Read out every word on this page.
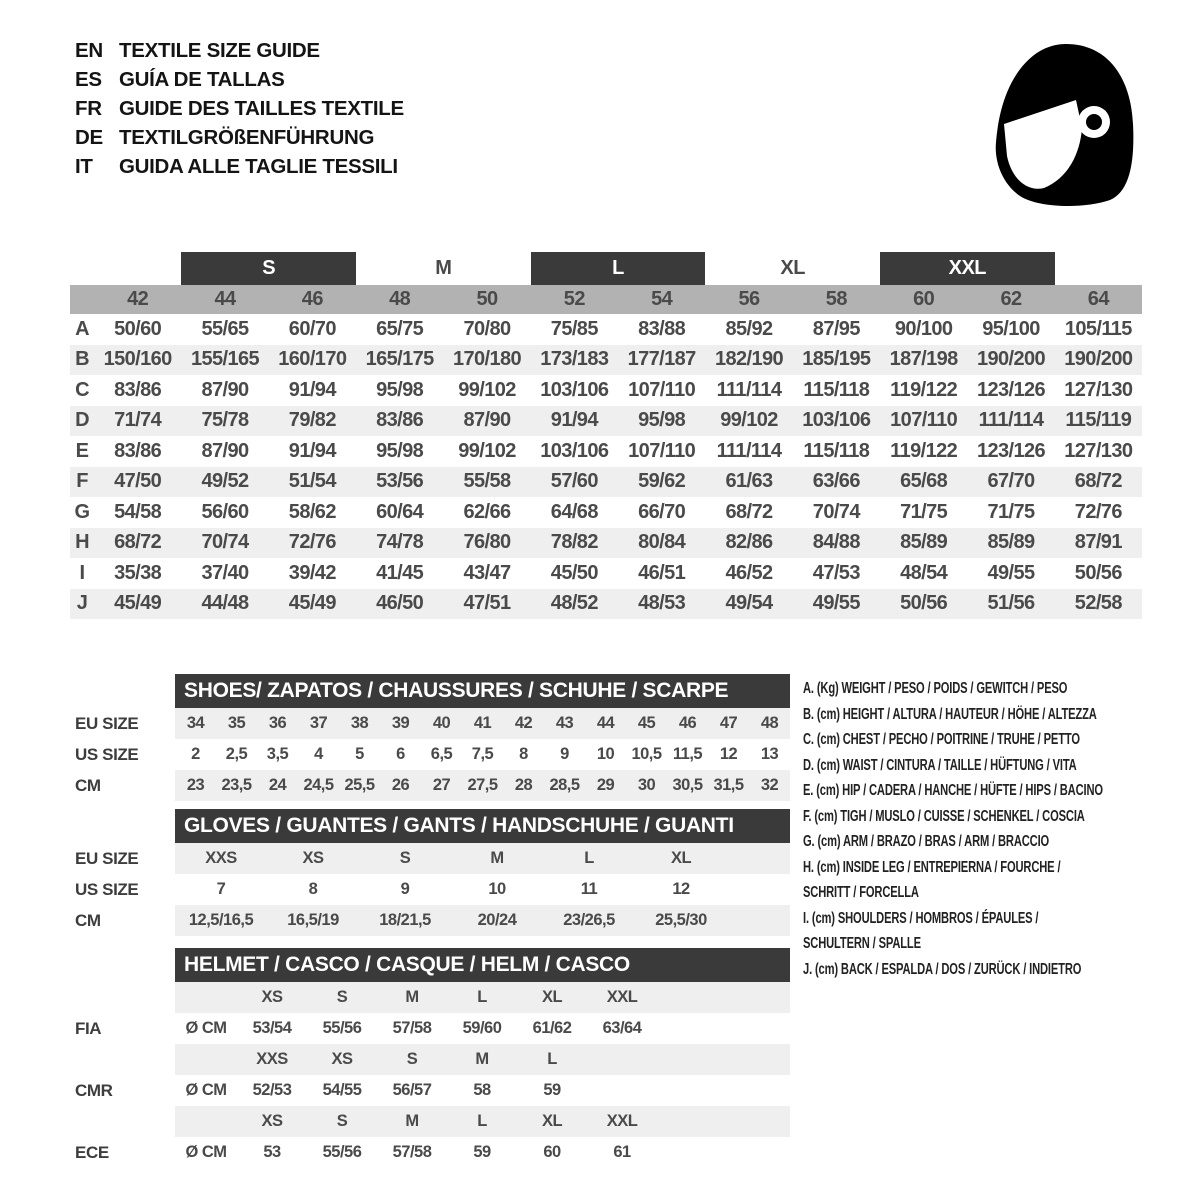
EN TEXTILE SIZE GUIDE
ES GUÍA DE TALLAS
FR GUIDE DES TAILLES TEXTILE
DE TEXTILGRÖßENFÜHRUNG
IT	GUIDA ALLE TAGLIE TESSILI
S	M	L	XL	XXL
42	44	46	48	50	52	54	56	58	60	62	64
A	50/60	55/65	60/70	65/75	70/80	75/85	83/88	85/92	87/95	90/100	95/100	105/115
B 150/160 155/165 160/170 165/175 170/180 173/183 177/187 182/190 185/195 187/198 190/200 190/200
C	83/86	87/90	91/94	95/98	99/102	103/106 107/110	111/114	115/118	119/122 123/126 127/130
D	71/74	75/78	79/82	83/86	87/90	91/94	95/98	99/102	103/106 107/110	111/114	115/119
E	83/86	87/90	91/94	95/98	99/102	103/106 107/110	111/114	115/118	119/122 123/126 127/130
F	47/50	49/52	51/54	53/56	55/58	57/60	59/62	61/63	63/66	65/68	67/70	68/72
G	54/58	56/60	58/62	60/64	62/66	64/68	66/70	68/72	70/74	71/75	71/75	72/76
H	68/72	70/74	72/76	74/78	76/80	78/82	80/84	82/86	84/88	85/89	85/89	87/91
I	35/38	37/40	39/42	41/45	43/47	45/50	46/51	46/52	47/53	48/54	49/55	50/56
J	45/49	44/48	45/49	46/50	47/51	48/52	48/53	49/54	49/55	50/56	51/56	52/58
SHOES/ ZAPATOS / CHAUSSURES / SCHUHE / SCARPE
EU SIZE	34	35	36	37	38	39	40	41	42	43	44	45	46	47	48
US SIZE	2	2,5	3,5	4	5	6	6,5	7,5	8	9	10	10,5 11,5	12	13
CM	23	23,5	24	24,5 25,5	26	27	27,5	28	28,5	29	30	30,5 31,5	32
GLOVES / GUANTES / GANTS / HANDSCHUHE / GUANTI
EU SIZE	XXS	XS	S	M	L	XL
US SIZE	7	8	9	10	11	12
CM	12,5/16,5	16,5/19	18/21,5	20/24	23/26,5	25,5/30
HELMET / CASCO / CASQUE / HELM / CASCO
XS	S	M	L	XL	XXL
FIA	Ø CM	53/54	55/56	57/58	59/60	61/62	63/64
XXS	XS	S	M	L
CMR	Ø CM	52/53	54/55	56/57	58	59
XS	S	M	L	XL	XXL
ECE	Ø CM	53	55/56	57/58	59	60	61
A. (Kg) WEIGHT / PESO / POIDS / GEWITCH / PESO
B. (cm) HEIGHT / ALTURA / HAUTEUR / HÖHE / ALTEZZA
C. (cm) CHEST / PECHO / POITRINE / TRUHE / PETTO
D. (cm) WAIST / CINTURA / TAILLE / HÜFTUNG / VITA
E. (cm) HIP / CADERA / HANCHE / HÜFTE / HIPS / BACINO
F. (cm) TIGH / MUSLO / CUISSE / SCHENKEL / COSCIA
G. (cm) ARM / BRAZO / BRAS / ARM / BRACCIO
H. (cm) INSIDE LEG / ENTREPIERNA / FOURCHE /
SCHRITT / FORCELLA
I. (cm) SHOULDERS / HOMBROS / ÉPAULES /
SCHULTERN / SPALLE
J. (cm) BACK / ESPALDA / DOS / ZURÜCK / INDIETRO
